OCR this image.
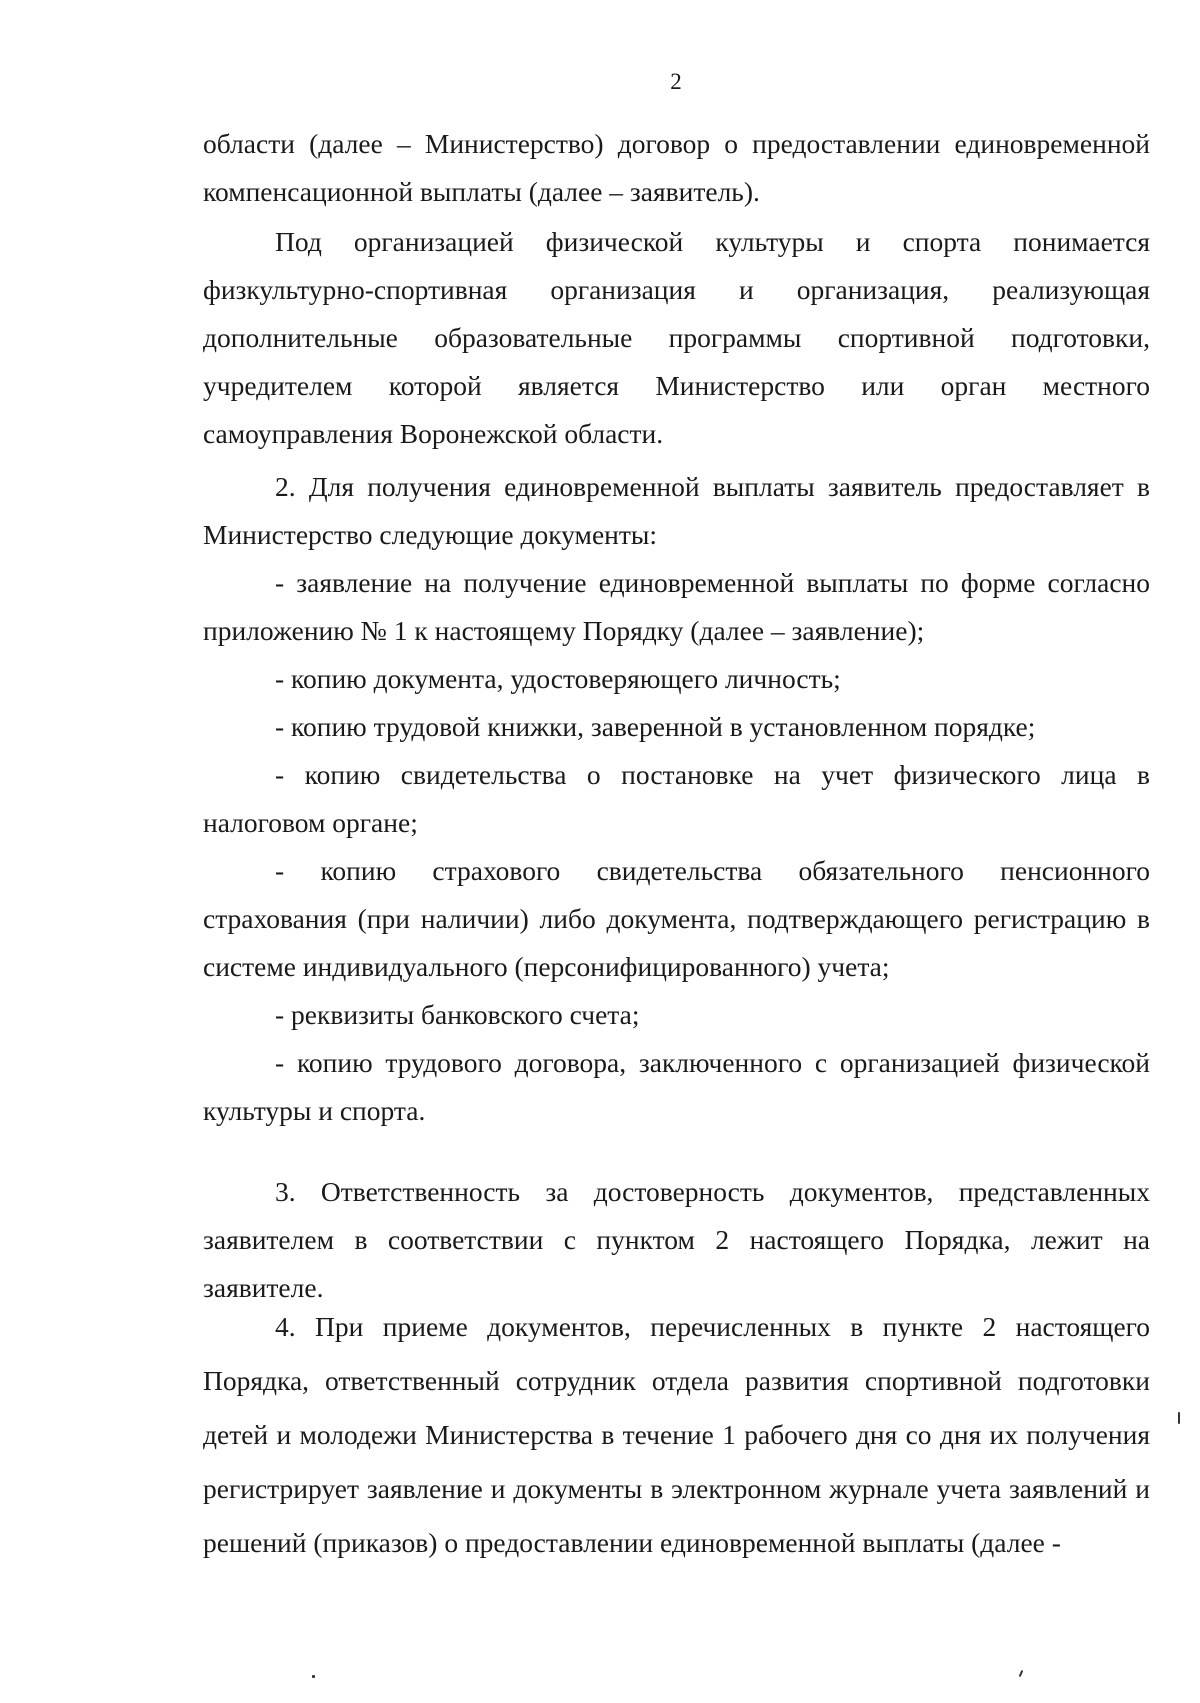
2

области (далее – Министерство) договор о предоставлении единовременной компенсационной выплаты (далее – заявитель).

Под организацией физической культуры и спорта понимается физкультурно-спортивная организация и организация, реализующая дополнительные образовательные программы спортивной подготовки, учредителем которой является Министерство или орган местного самоуправления Воронежской области.

2. Для получения единовременной выплаты заявитель предоставляет в Министерство следующие документы:

- заявление на получение единовременной выплаты по форме согласно приложению № 1 к настоящему Порядку (далее – заявление);

- копию документа, удостоверяющего личность;

- копию трудовой книжки, заверенной в установленном порядке;

- копию свидетельства о постановке на учет физического лица в налоговом органе;

- копию страхового свидетельства обязательного пенсионного страхования (при наличии) либо документа, подтверждающего регистрацию в системе индивидуального (персонифицированного) учета;

- реквизиты банковского счета;

- копию трудового договора, заключенного с организацией физической культуры и спорта.

3. Ответственность за достоверность документов, представленных заявителем в соответствии с пунктом 2 настоящего Порядка, лежит на заявителе.

4. При приеме документов, перечисленных в пункте 2 настоящего Порядка, ответственный сотрудник отдела развития спортивной подготовки детей и молодежи Министерства в течение 1 рабочего дня со дня их получения регистрирует заявление и документы в электронном журнале учета заявлений и решений (приказов) о предоставлении единовременной выплаты (далее -
